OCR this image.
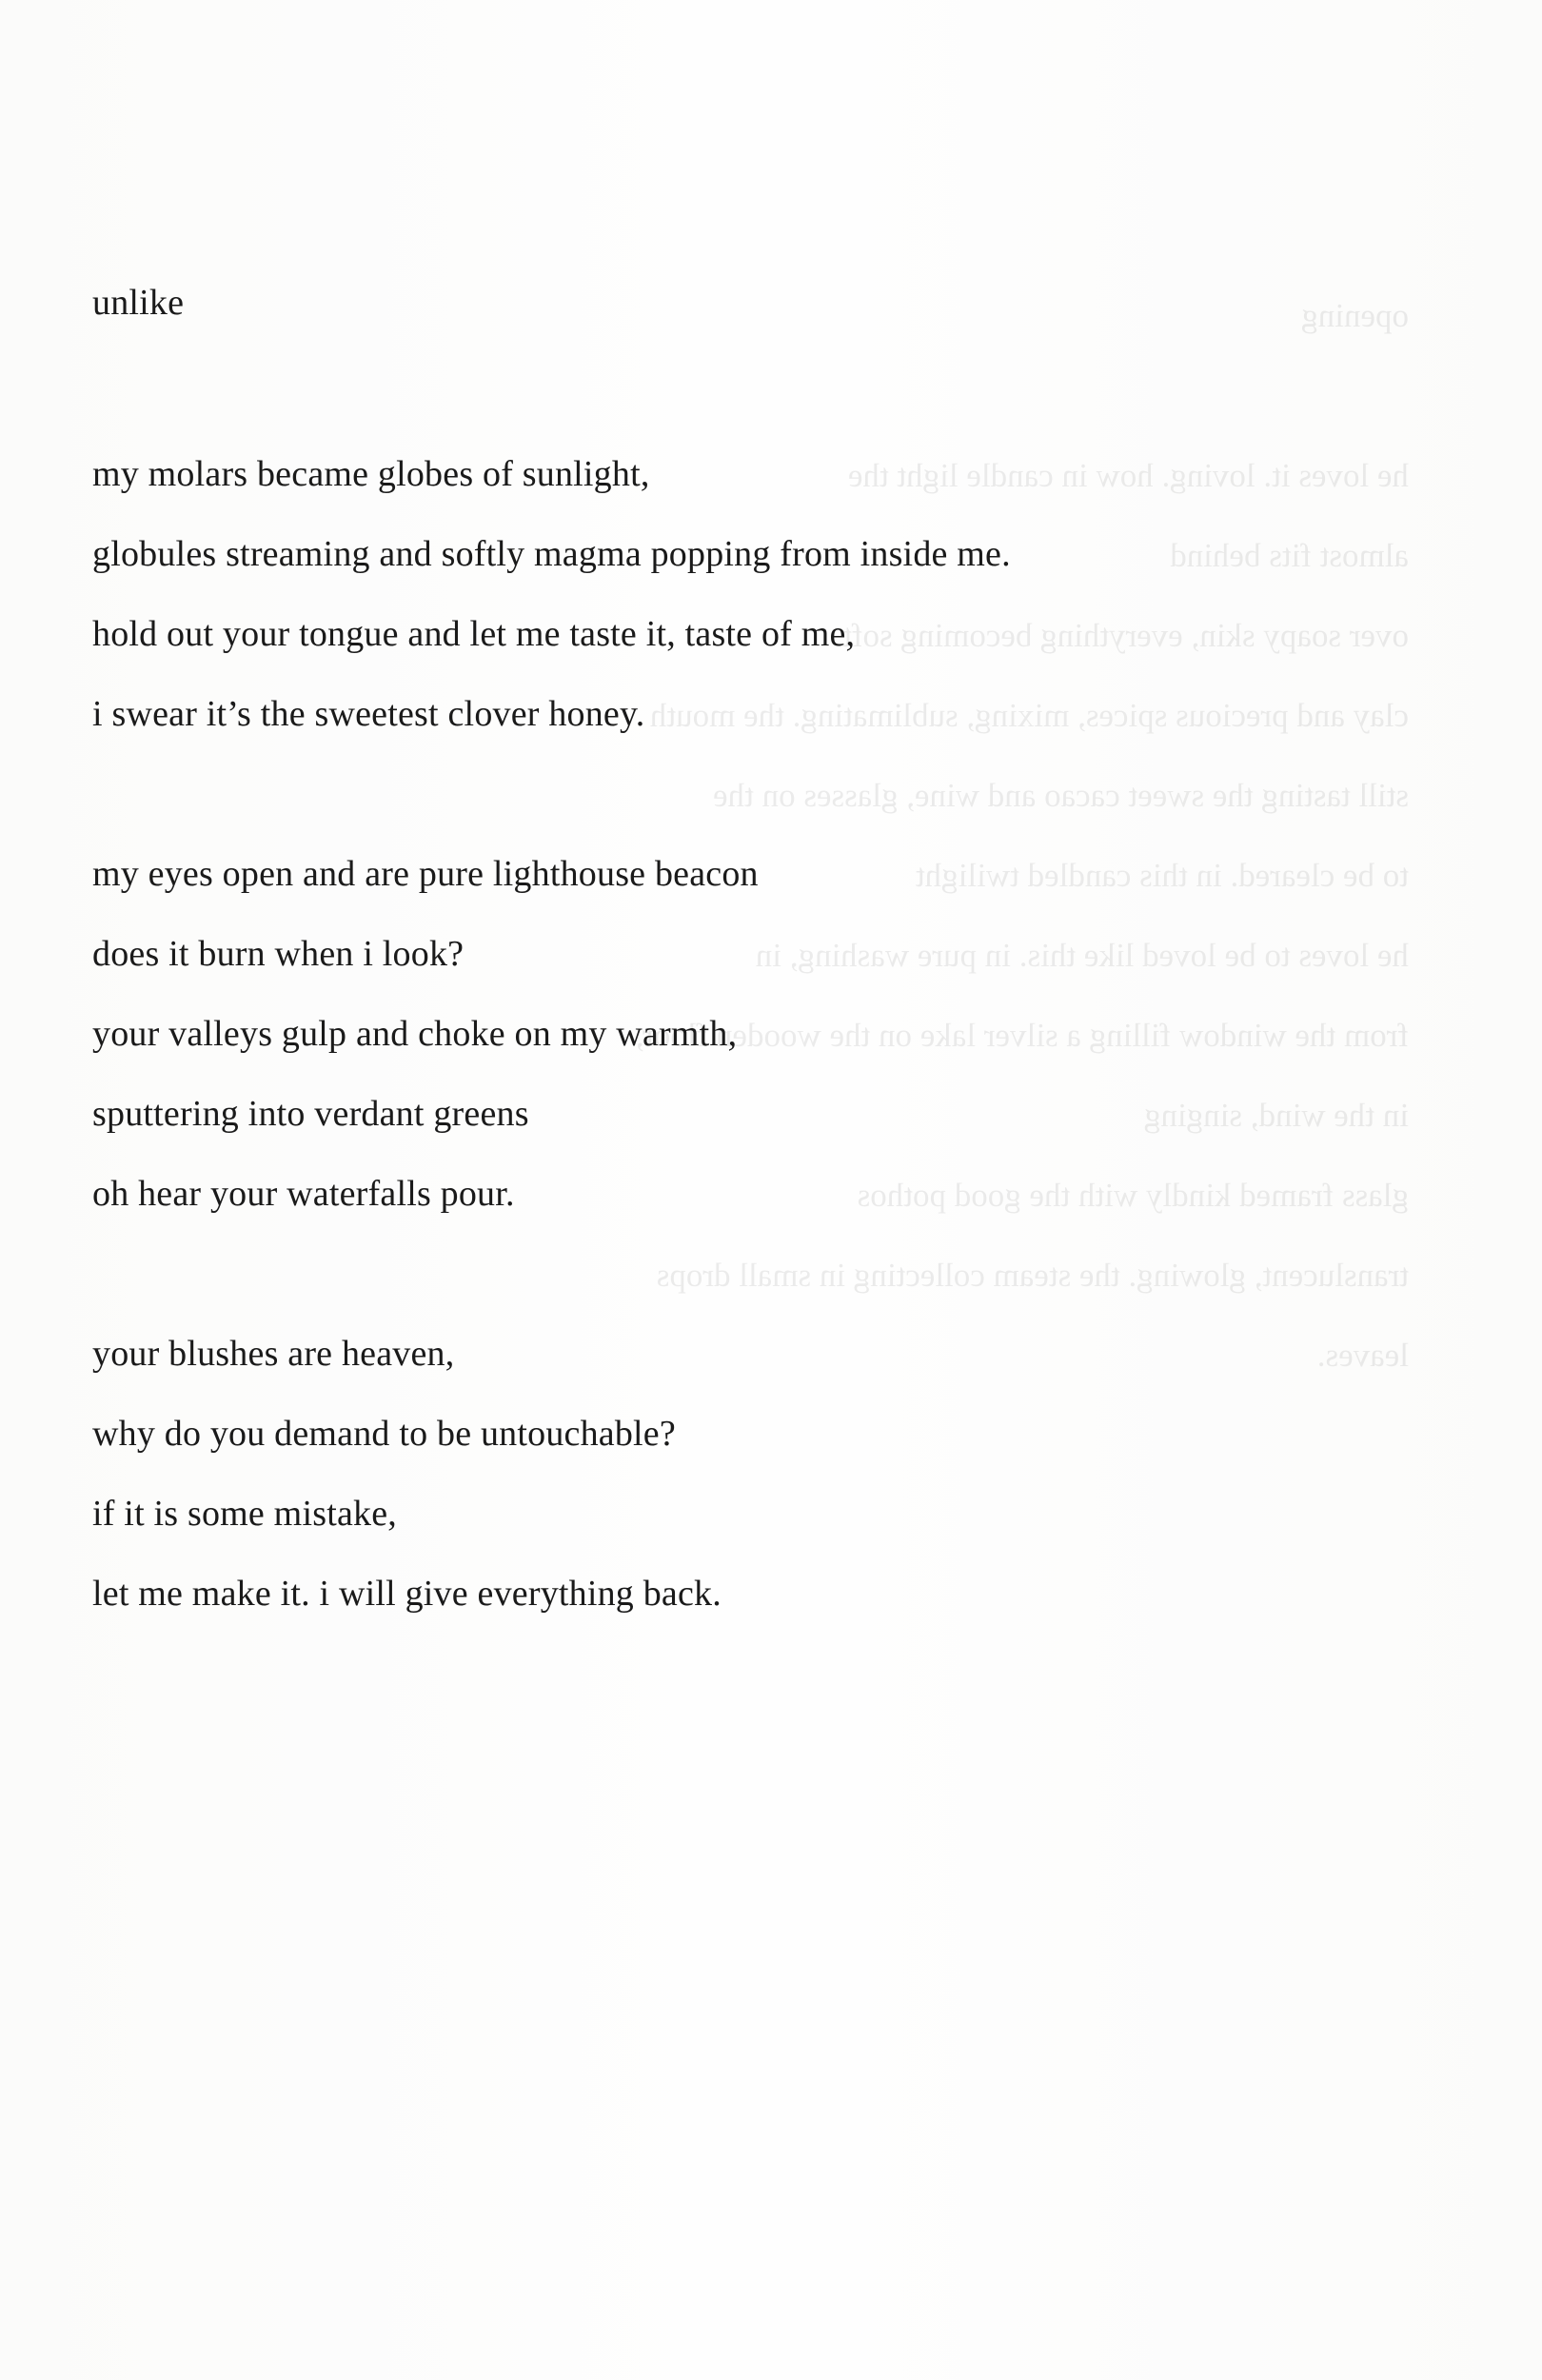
opening

he loves it. loving. how in candle light the

almost fits behind

over soapy skin, everything becoming soft

clay and precious spices, mixing, sublimating. the mouth

still tasting the sweet cacao and wine, glasses on the

to be cleared. in this candled twilight

he loves to be loved like this. in pure washing, in

from the window filling a silver lake on the wooden floor,

in the wind, singing

glass framed kindly with the good pothos

translucent, glowing. the steam collecting in small drops

leaves.

unlike

my molars became globes of sunlight,

globules streaming and softly magma popping from inside me.

hold out your tongue and let me taste it, taste of me,

i swear it’s the sweetest clover honey.

my eyes open and are pure lighthouse beacon

does it burn when i look?

your valleys gulp and choke on my warmth,

sputtering into verdant greens

oh hear your waterfalls pour.

your blushes are heaven,

why do you demand to be untouchable?

if it is some mistake,

let me make it. i will give everything back.
